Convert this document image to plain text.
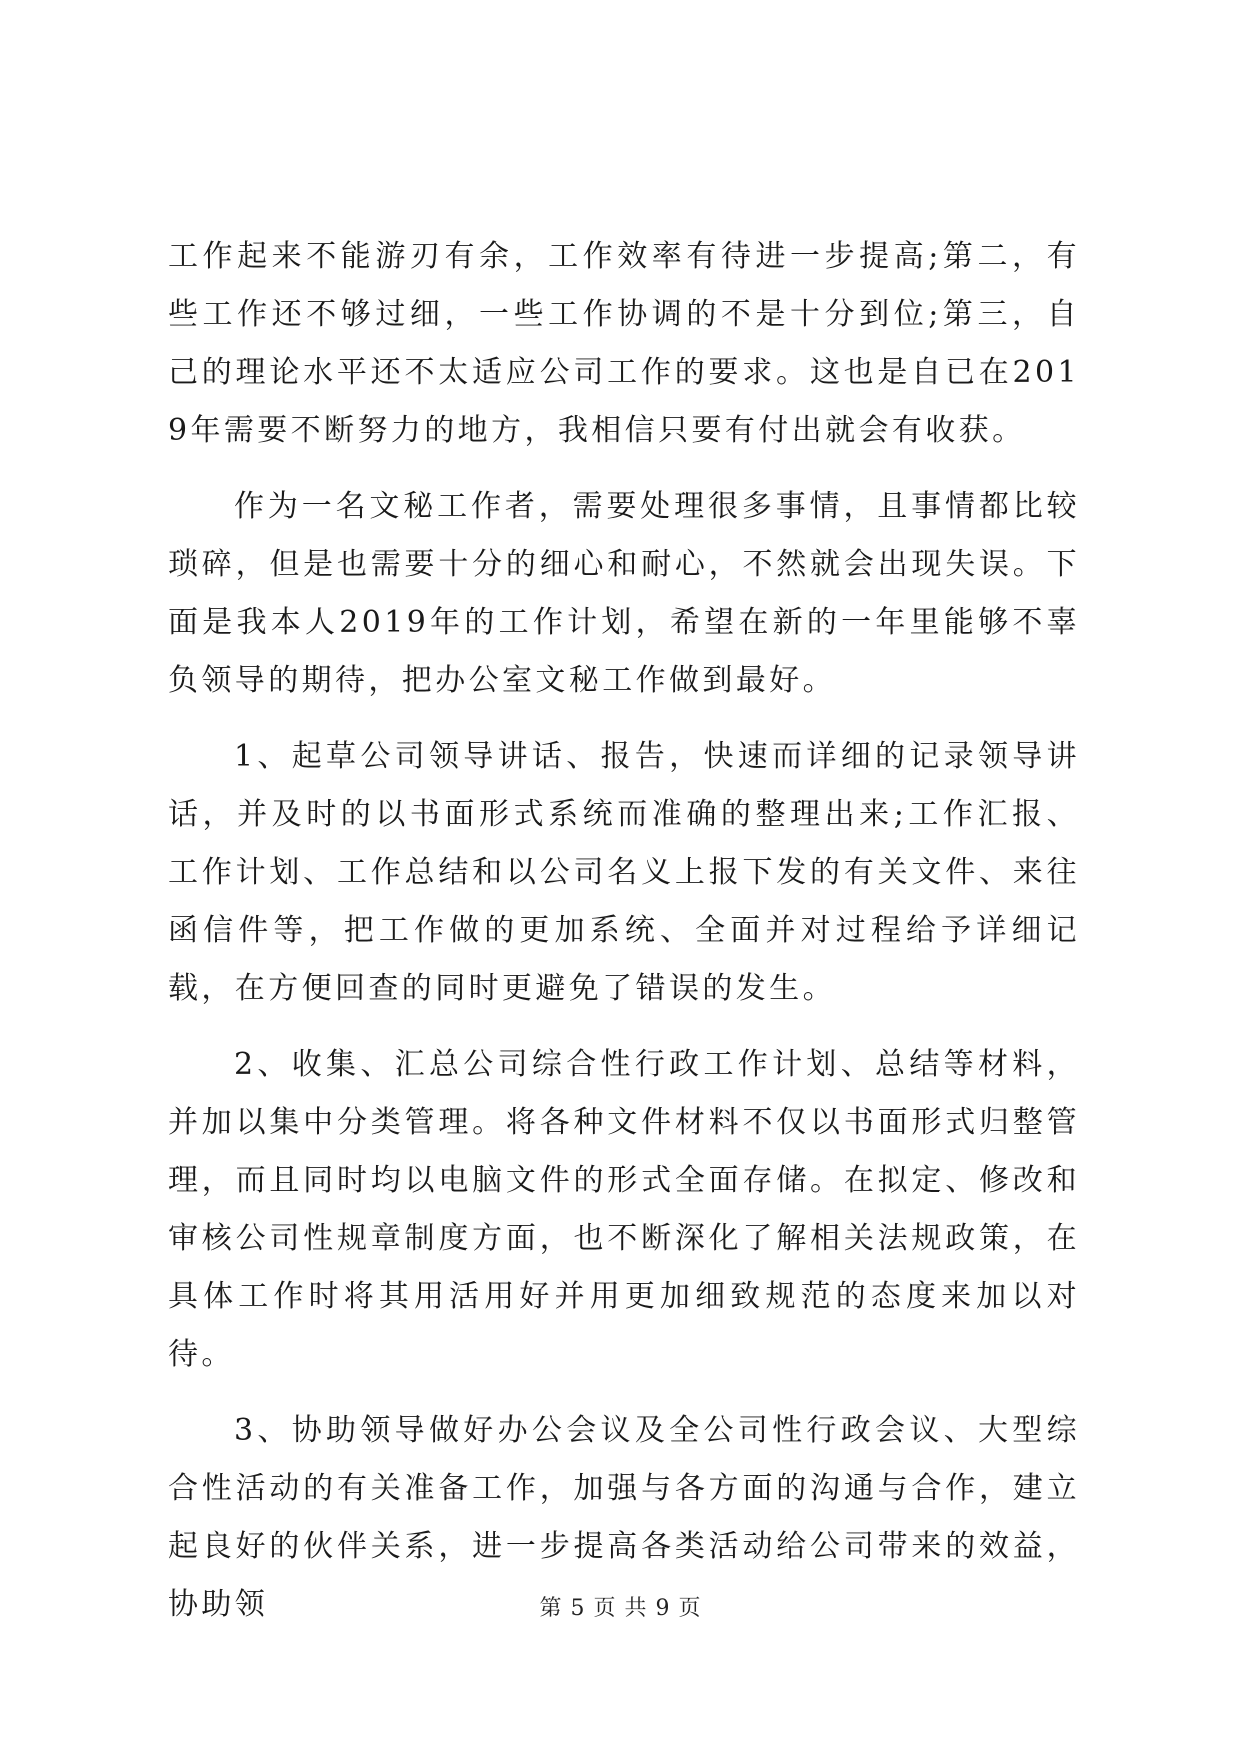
工作起来不能游刃有余，工作效率有待进一步提高;第二，有些工作还不够过细，一些工作协调的不是十分到位;第三，自己的理论水平还不太适应公司工作的要求。这也是自已在2019年需要不断努力的地方，我相信只要有付出就会有收获。

作为一名文秘工作者，需要处理很多事情，且事情都比较琐碎，但是也需要十分的细心和耐心，不然就会出现失误。下面是我本人2019年的工作计划，希望在新的一年里能够不辜负领导的期待，把办公室文秘工作做到最好。

1、起草公司领导讲话、报告，快速而详细的记录领导讲话，并及时的以书面形式系统而准确的整理出来;工作汇报、工作计划、工作总结和以公司名义上报下发的有关文件、来往函信件等，把工作做的更加系统、全面并对过程给予详细记载，在方便回查的同时更避免了错误的发生。

2、收集、汇总公司综合性行政工作计划、总结等材料，并加以集中分类管理。将各种文件材料不仅以书面形式归整管理，而且同时均以电脑文件的形式全面存储。在拟定、修改和审核公司性规章制度方面，也不断深化了解相关法规政策，在具体工作时将其用活用好并用更加细致规范的态度来加以对待。

3、协助领导做好办公会议及全公司性行政会议、大型综合性活动的有关准备工作，加强与各方面的沟通与合作，建立起良好的伙伴关系，进一步提高各类活动给公司带来的效益，协助领	第 5 页 共 9 页
